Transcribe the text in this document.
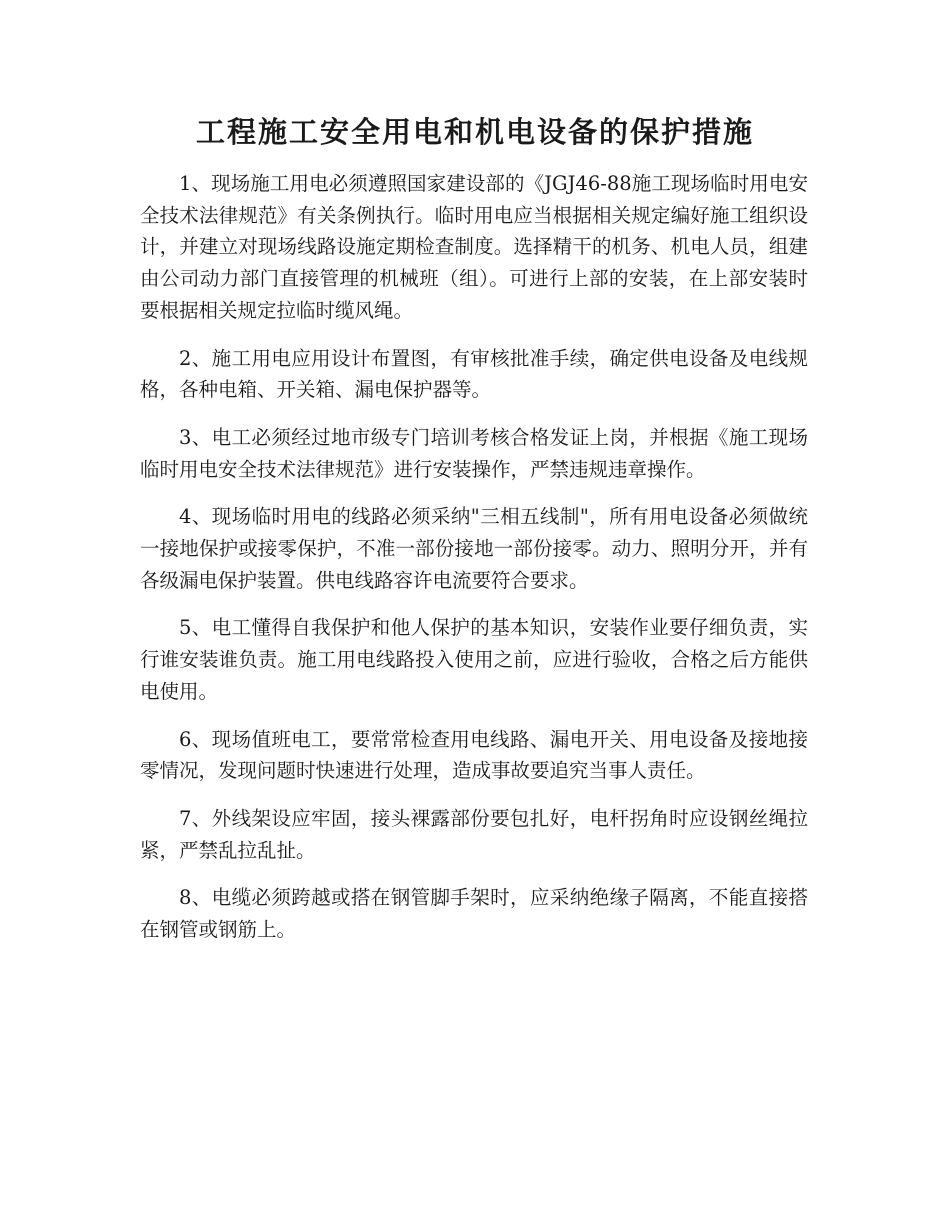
工程施工安全用电和机电设备的保护措施

1、现场施工用电必须遵照国家建设部的《JGJ46-88施工现场临时用电安全技术法律规范》有关条例执行。临时用电应当根据相关规定编好施工组织设计，并建立对现场线路设施定期检查制度。选择精干的机务、机电人员，组建由公司动力部门直接管理的机械班（组）。可进行上部的安装，在上部安装时要根据相关规定拉临时缆风绳。

2、施工用电应用设计布置图，有审核批准手续，确定供电设备及电线规格，各种电箱、开关箱、漏电保护器等。

3、电工必须经过地市级专门培训考核合格发证上岗，并根据《施工现场临时用电安全技术法律规范》进行安装操作，严禁违规违章操作。

4、现场临时用电的线路必须采纳"三相五线制"，所有用电设备必须做统一接地保护或接零保护，不准一部份接地一部份接零。动力、照明分开，并有各级漏电保护装置。供电线路容许电流要符合要求。

5、电工懂得自我保护和他人保护的基本知识，安装作业要仔细负责，实行谁安装谁负责。施工用电线路投入使用之前，应进行验收，合格之后方能供电使用。

6、现场值班电工，要常常检查用电线路、漏电开关、用电设备及接地接零情况，发现问题时快速进行处理，造成事故要追究当事人责任。

7、外线架设应牢固，接头裸露部份要包扎好，电杆拐角时应设钢丝绳拉紧，严禁乱拉乱扯。

8、电缆必须跨越或搭在钢管脚手架时，应采纳绝缘子隔离，不能直接搭在钢管或钢筋上。
